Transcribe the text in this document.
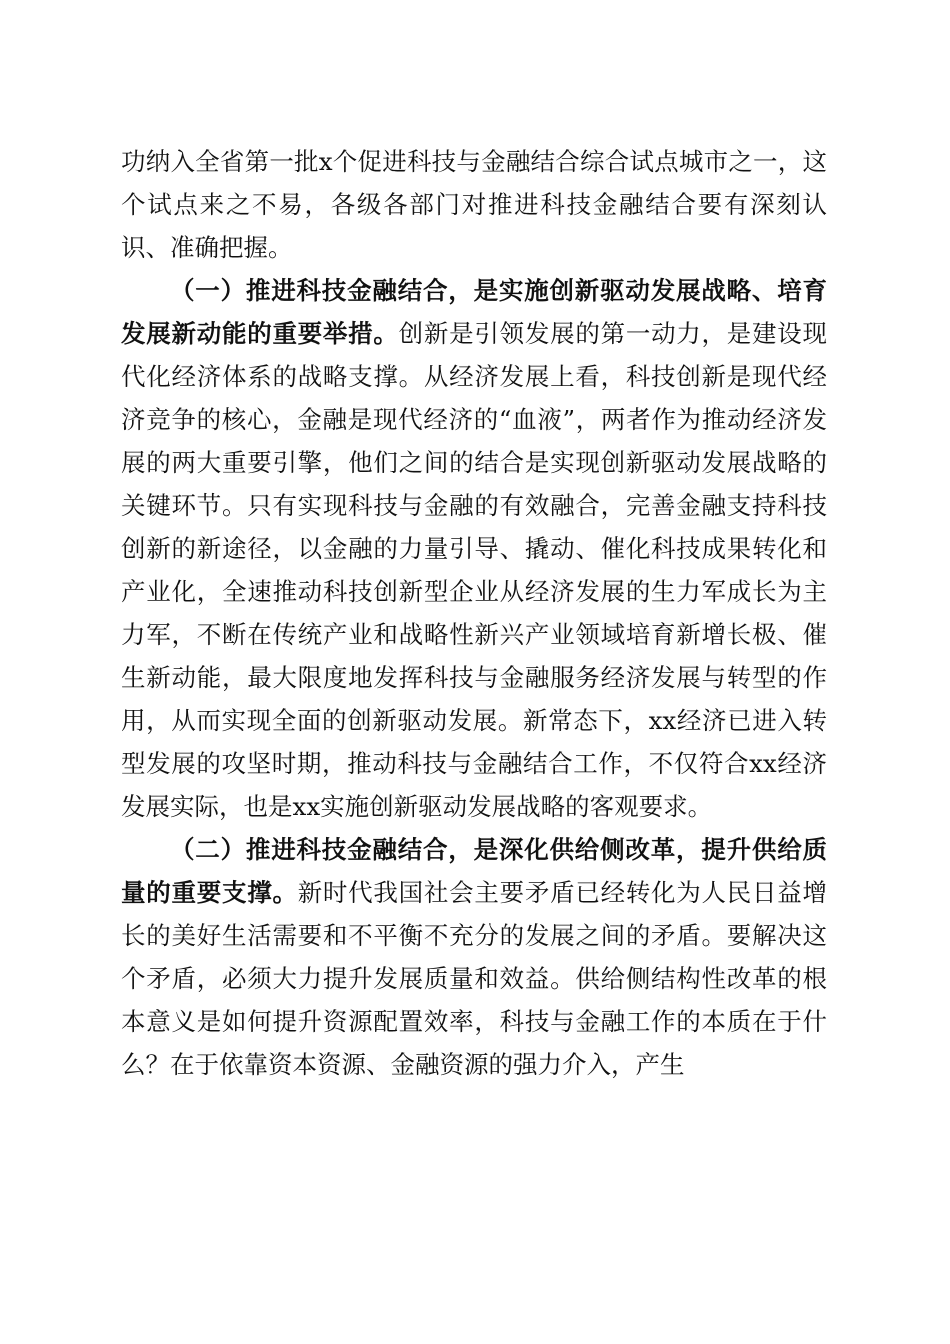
功纳入全省第一批x个促进科技与金融结合综合试点城市之一，这个试点来之不易，各级各部门对推进科技金融结合要有深刻认识、准确把握。

（一）推进科技金融结合，是实施创新驱动发展战略、培育发展新动能的重要举措。创新是引领发展的第一动力，是建设现代化经济体系的战略支撑。从经济发展上看，科技创新是现代经济竞争的核心，金融是现代经济的“血液”，两者作为推动经济发展的两大重要引擎，他们之间的结合是实现创新驱动发展战略的关键环节。只有实现科技与金融的有效融合，完善金融支持科技创新的新途径，以金融的力量引导、撬动、催化科技成果转化和产业化，全速推动科技创新型企业从经济发展的生力军成长为主力军，不断在传统产业和战略性新兴产业领域培育新增长极、催生新动能，最大限度地发挥科技与金融服务经济发展与转型的作用，从而实现全面的创新驱动发展。新常态下，xx经济已进入转型发展的攻坚时期，推动科技与金融结合工作，不仅符合xx经济发展实际，也是xx实施创新驱动发展战略的客观要求。

（二）推进科技金融结合，是深化供给侧改革，提升供给质量的重要支撑。新时代我国社会主要矛盾已经转化为人民日益增长的美好生活需要和不平衡不充分的发展之间的矛盾。要解决这个矛盾，必须大力提升发展质量和效益。供给侧结构性改革的根本意义是如何提升资源配置效率，科技与金融工作的本质在于什么？在于依靠资本资源、金融资源的强力介入，产生
